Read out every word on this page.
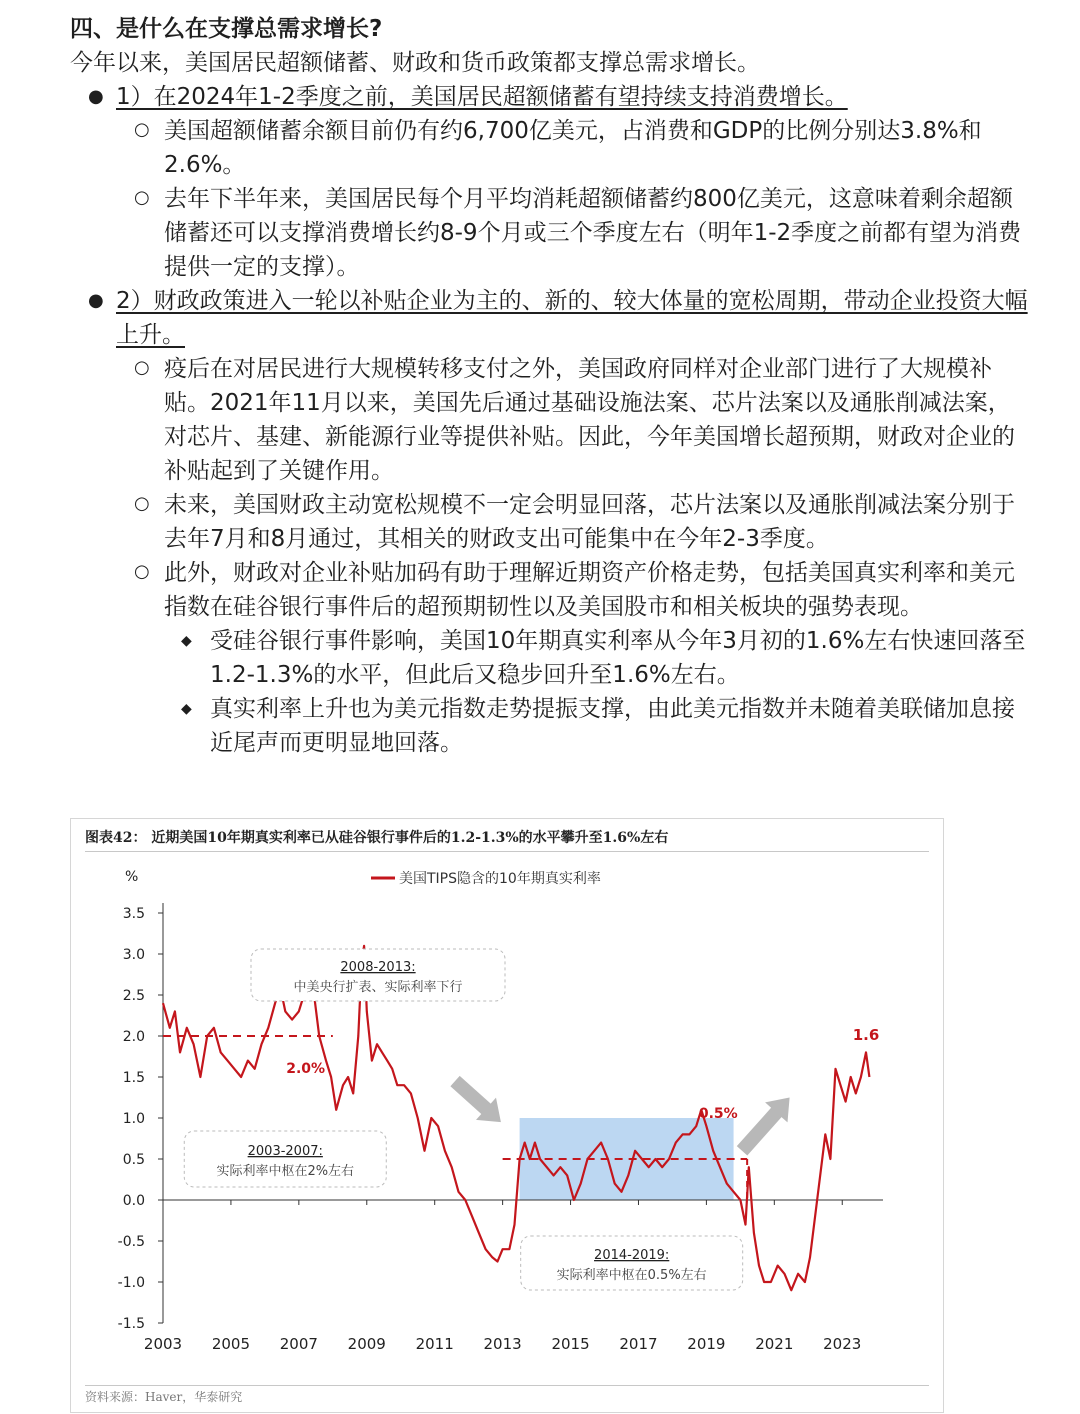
四、是什么在支撑总需求增长?

今年以来，美国居民超额储蓄、财政和货币政策都支撑总需求增长。

● 1）在2024年1-2季度之前，美国居民超额储蓄有望持续支持消费增长。
○ 美国超额储蓄余额目前仍有约6,700亿美元，占消费和GDP的比例分别达3.8%和2.6%。
○ 去年下半年来，美国居民每个月平均消耗超额储蓄约800亿美元，这意味着剩余超额储蓄还可以支撑消费增长约8-9个月或三个季度左右（明年1-2季度之前都有望为消费提供一定的支撑）。
● 2）财政政策进入一轮以补贴企业为主的、新的、较大体量的宽松周期，带动企业投资大幅上升。
○ 疫后在对居民进行大规模转移支付之外，美国政府同样对企业部门进行了大规模补贴。2021年11月以来，美国先后通过基础设施法案、芯片法案以及通胀削减法案，对芯片、基建、新能源行业等提供补贴。因此，今年美国增长超预期，财政对企业的补贴起到了关键作用。
○ 未来，美国财政主动宽松规模不一定会明显回落，芯片法案以及通胀削减法案分别于去年7月和8月通过，其相关的财政支出可能集中在今年2-3季度。
○ 此外，财政对企业补贴加码有助于理解近期资产价格走势，包括美国真实利率和美元指数在硅谷银行事件后的超预期韧性以及美国股市和相关板块的强势表现。
◆ 受硅谷银行事件影响，美国10年期真实利率从今年3月初的1.6%左右快速回落至1.2-1.3%的水平，但此后又稳步回升至1.6%左右。
◆ 真实利率上升也为美元指数走势提振支撑，由此美元指数并未随着美联储加息接近尾声而更明显地回落。
图表42： 近期美国10年期真实利率已从硅谷银行事件后的1.2-1.3%的水平攀升至1.6%左右
3.5
3.0
2.5
2.0
1.5
1.0
0.5
0.0
-0.5
-1.0
-1.5
%
2003 2005 2007 2009 2011 2013 2015 2017 2019 2021 2023
美国TIPS隐含的10年期真实利率
2.0%
0.5%
1.6
2008-2013:
中美央行扩表、实际利率下行
2003-2007:
实际利率中枢在2%左右
2014-2019:
实际利率中枢在0.5%左右
资料来源：Haver，华泰研究
